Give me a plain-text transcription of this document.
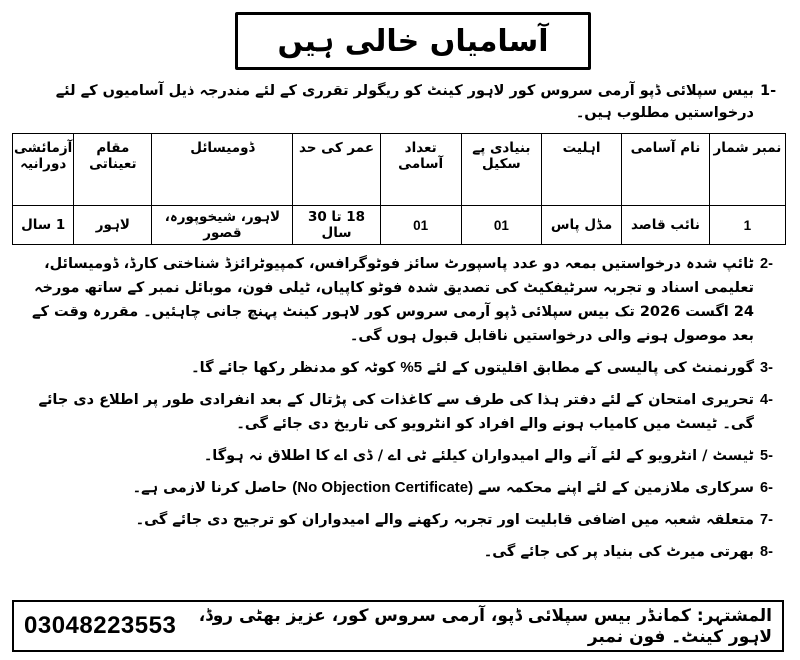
آسامیاں خالی ہیں
-1
بیس سپلائی ڈپو آرمی سروس کور لاہور کینٹ کو ریگولر تقرری کے لئے مندرجہ ذیل آسامیوں کے لئے درخواستیں مطلوب ہیں۔
نمبر شمار	نام آسامی	اہلیت	بنیادی پے سکیل	تعداد آسامی	عمر کی حد	ڈومیسائل	مقام تعیناتی	آزمائشی دورانیہ
1	نائب قاصد	مڈل پاس	01	01	18 تا 30 سال	لاہور، شیخوپورہ، قصور	لاہور	1 سال
-2
ٹائپ شدہ درخواستیں بمعہ دو عدد پاسپورٹ سائز فوٹوگرافس، کمپیوٹرائزڈ شناختی کارڈ، ڈومیسائل، تعلیمی اسناد و تجربہ سرٹیفکیٹ کی تصدیق شدہ فوٹو کاپیاں، ٹیلی فون، موبائل نمبر کے ساتھ مورخہ 24 اگست 2026 تک بیس سپلائی ڈپو آرمی سروس کور لاہور کینٹ پہنچ جانی چاہئیں۔ مقررہ وقت کے بعد موصول ہونے والی درخواستیں ناقابل قبول ہوں گی۔
-3
گورنمنٹ کی پالیسی کے مطابق اقلیتوں کے لئے 5% کوٹہ کو مدنظر رکھا جائے گا۔
-4
تحریری امتحان کے لئے دفتر ہذا کی طرف سے کاغذات کی پڑتال کے بعد انفرادی طور پر اطلاع دی جائے گی۔ ٹیسٹ میں کامیاب ہونے والے افراد کو انٹرویو کی تاریخ دی جائے گی۔
-5
ٹیسٹ / انٹرویو کے لئے آنے والے امیدواران کیلئے ٹی اے / ڈی اے کا اطلاق نہ ہوگا۔
-6
سرکاری ملازمین کے لئے اپنے محکمہ سے (No Objection Certificate) حاصل کرنا لازمی ہے۔
-7
متعلقہ شعبہ میں اضافی قابلیت اور تجربہ رکھنے والے امیدواران کو ترجیح دی جائے گی۔
-8
بھرتی میرٹ کی بنیاد پر کی جائے گی۔
03048223553	المشتہر: کمانڈر بیس سپلائی ڈپو، آرمی سروس کور، عزیز بھٹی روڈ، لاہور کینٹ۔ فون نمبر
